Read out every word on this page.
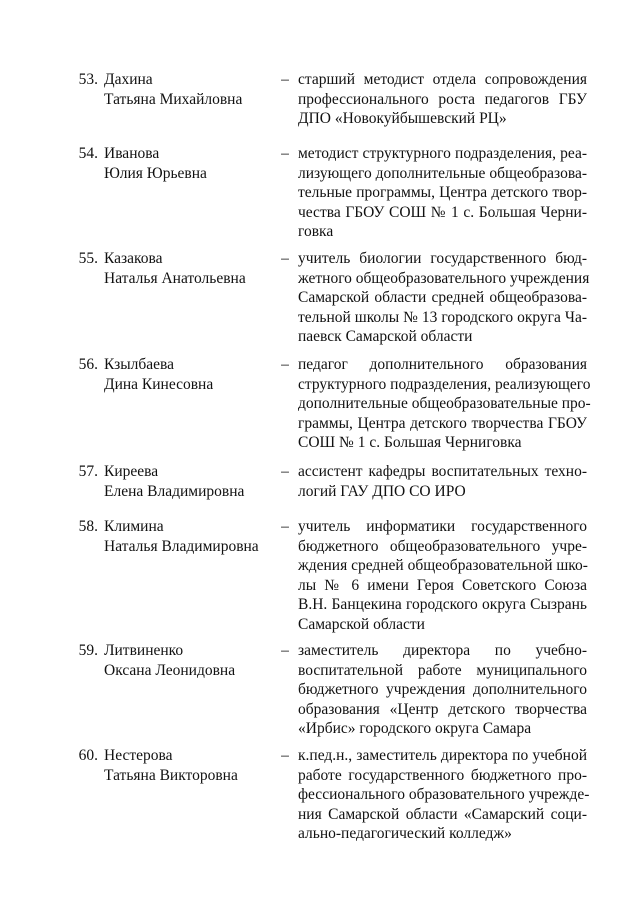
53. Дахина
Татьяна Михайловна
– старший методист отдела сопровождения
профессионального роста педагогов ГБУ
ДПО «Новокуйбышевский РЦ»
54. Иванова
Юлия Юрьевна
– методист структурного подразделения, реа-
лизующего дополнительные общеобразова-
тельные программы, Центра детского твор-
чества ГБОУ СОШ № 1 с. Большая Черни-
говка
55. Казакова
Наталья Анатольевна
– учитель биологии государственного бюд-
жетного общеобразовательного учреждения
Самарской области средней общеобразова-
тельной школы № 13 городского округа Ча-
паевск Самарской области
56. Кзылбаева
Дина Кинесовна
– педагог дополнительного образования
структурного подразделения, реализующего
дополнительные общеобразовательные про-
граммы, Центра детского творчества ГБОУ
СОШ № 1 с. Большая Черниговка
57. Киреева
Елена Владимировна
– ассистент кафедры воспитательных техно-
логий ГАУ ДПО СО ИРО
58. Климина
Наталья Владимировна
– учитель информатики государственного
бюджетного общеобразовательного учре-
ждения средней общеобразовательной шко-
лы № 6 имени Героя Советского Союза
В.Н. Банцекина городского округа Сызрань
Самарской области
59. Литвиненко
Оксана Леонидовна
– заместитель директора по учебно-
воспитательной работе муниципального
бюджетного учреждения дополнительного
образования «Центр детского творчества
«Ирбис» городского округа Самара
60. Нестерова
Татьяна Викторовна
– к.пед.н., заместитель директора по учебной
работе государственного бюджетного про-
фессионального образовательного учрежде-
ния Самарской области «Самарский соци-
ально-педагогический колледж»
